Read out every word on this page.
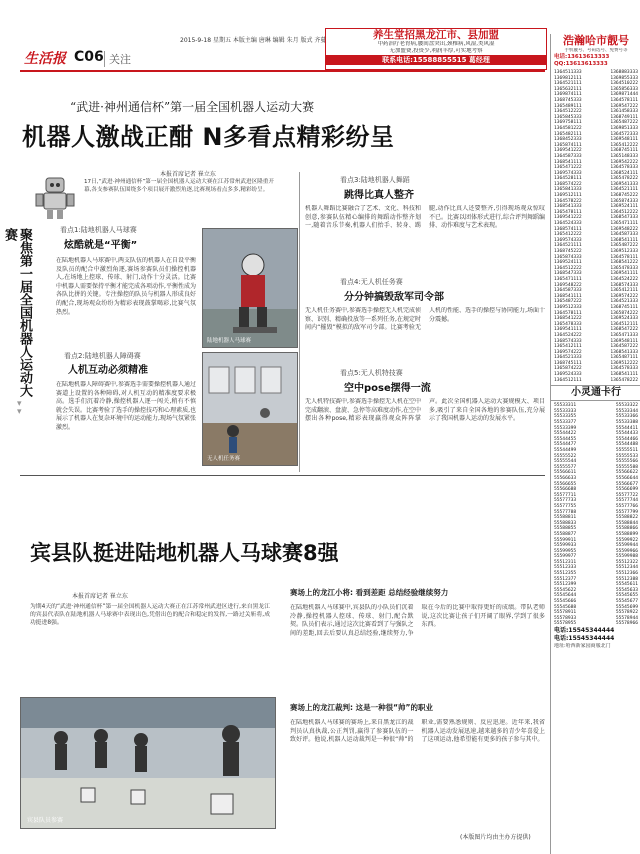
2015-9-18 星期五 本版主编 唐琳 编辑 朱月 版式 齐蔓
生活报 C06 关注
养生堂招黑龙江市、县加盟
中药治疗老胃病,腰间盘突出,颈椎病,风湿,类风湿
无加盟费,投资少,利润丰厚,可实地考察
联系电话:15588855515 葛经理
“武进·神州通信杯”第一届全国机器人运动大赛
机器人激战正酣 N多看点精彩纷呈
本报首席记者 崔立东
聚焦第一届全国机器人运动大赛
▾
▾
17日,“武进·神州通信杯”第一届全国机器人运动大赛在江苏常州武进区隆重开幕,各支参赛队伍围绕多个项目展开激烈角逐,比赛现场看点多多,精彩纷呈。
看点1:陆地机器人马球赛
炫酷就是“平衡”
在陆地机器人马球赛中,两支队伍的机器人在自设平衡及队员的配合中激烈角逐,赛场参赛队员们操控机器人,在场地上控球、传球、射门,动作十分灵活。比赛中机器人需要保持平衡才能完成各项动作,平衡性成为各队比拼的关键。专注操控的队员与机器人形成良好的配合,现场观众纷纷为精彩表现鼓掌喝彩,比赛气氛热烈。
陆地机器人马球赛
看点2:陆地机器人障碍赛
人机互动必须精准
在陆地机器人障碍赛中,参赛选手需要操控机器人通过赛道上设置的各种障碍,对人机互动的精准度要求极高。选手们沉着冷静,操控机器人逐一闯关,稍有不慎就会失误。比赛考验了选手的操控技巧和心理素质,也展示了机器人在复杂环境中的运动能力,现场气氛紧张激烈。
看点3:陆地机器人舞蹈
跳得比真人整齐
机器人舞蹈比赛融合了艺术、文化、科技和创意,参赛队伍精心编排的舞蹈动作整齐划一,随着音乐节奏,机器人们抬手、转身、踢腿,动作比真人还要整齐,引得现场观众惊叹不已。比赛以团体形式进行,综合评判舞蹈编排、动作难度与艺术表现。
看点4:无人机任务赛
分分钟搞毁敌军司令部
无人机任务赛中,参赛选手操控无人机完成侦察、识别、精确投放等一系列任务,在规定时间内“摧毁”模拟的敌军司令部。比赛考验无人机的性能、选手的操控与协同能力,场面十分震撼。
看点5:无人机特技赛
空中pose摆得一流
无人机特技赛中,参赛选手操控无人机在空中完成翻滚、盘旋、急停等高难度动作,在空中摆出各种pose,精彩表现赢得观众阵阵掌声。此次全国机器人运动大赛规模大、项目多,吸引了来自全国各地的参赛队伍,充分展示了我国机器人运动的发展水平。
无人机任务赛
宾县队挺进陆地机器人马球赛8强
本报首席记者 崔立东
为期4天的“武进·神州通信杯”第一届全国机器人运动大赛正在江苏常州武进区进行,来自黑龙江的宾县代表队在陆地机器人马球赛中表现出色,凭借出色的配合和稳定的发挥,一路过关斩将,成功挺进8强。
赛场上的龙江小将: 看到差距 总结经验继续努力
在陆地机器人马球赛中,宾县队的小队员们沉着冷静,操控机器人控球、传球、射门,配合默契。队员们表示,通过这次比赛看到了与强队之间的差距,回去后要认真总结经验,继续努力,争取在今后的比赛中取得更好的成绩。带队老师说,这次比赛让孩子们开阔了眼界,学到了很多东西。
赛场上的龙江裁判: 这是一种很“帅”的职业
在陆地机器人马球赛的赛场上,来自黑龙江的裁判员认真执裁,公正判罚,赢得了参赛队伍的一致好评。他说,机器人运动裁判是一种很“帅”的职业,需要熟悉规则、反应迅速。近年来,我省机器人运动发展迅速,越来越多的青少年喜爱上了这项运动,他希望能有更多的孩子参与其中。
宾县队员参赛
(本版图片均由主办方提供)
浩瀚哈市靓号
手机靓号、号码选号、免费号等
电话: 13613613333
QQ: 13613613333
1364511333	1368883333
1369812111	1369855333
1364521111	1364510222
1365632111	1365856333
1369874111	1369871444
1368745333	1364578111
1365489111	1369547222
1364512222	1361458333
1365845333	1368749111
1369758111	1365487222
1364581222	1369851333
1365482111	1364572333
1368452333	1369548111
1365874111	1365412222
1369541222	1368745111
1364587333	1365148333
1368541111	1369542222
1365471222	1364578333
1369574333	1368524111
1364528111	1365478222
1368574222	1369541333
1365841333	1364521111
1369512111	1368745222
1364578222	1365874333
1368541333	1369524111
1365478111	1364512222
1369541222	1368547333
1364524333	1365471111
1368574111	1369548222
1365412222	1364587333
1369574333	1368541111
1364521111	1365487222
1368745222	1369512333
1365874333	1364578111
1369524111	1368541222
1364512222	1365478333
1368547333	1369541111
1365471111	1364524222
1369548222	1368574333
1364587333	1365412111
1368541111	1369574222
1365487222	1364521333
1369512333	1368745111
1364578111	1365874222
1368541222	1369524333
1365478333	1364512111
1369541111	1368547222
1364524222	1365471333
1368574333	1369548111
1365412111	1364587222
1369574222	1368541333
1364521333	1365487111
1368745111	1369512222
1365874222	1364578333
1369524333	1368541111
1364512111	1365478222
小灵通卡行
55533311	55533322
55533333	55533344
55533355	55533366
55533377	55533388
55533399	55544411
55544422	55544433
55544455	55544466
55544477	55544488
55544499	55555511
55555522	55555533
55555544	55555566
55555577	55555588
55566611	55566622
55566633	55566644
55566655	55566677
55566688	55566699
55577711	55577722
55577733	55577744
55577755	55577766
55577788	55577799
55588811	55588822
55588833	55588844
55588855	55588866
55588877	55588899
55599911	55599922
55599933	55599944
55599955	55599966
55599977	55599988
55512311	55512322
55512333	55512344
55512355	55512366
55512377	55512388
55512399	55545611
55545622	55545633
55545644	55545655
55545666	55545677
55545688	55545699
55578911	55578922
55578933	55578944
55578955	55578966
电话:15545344444
电话:15545344444
地址:哈西新家园商服北门
